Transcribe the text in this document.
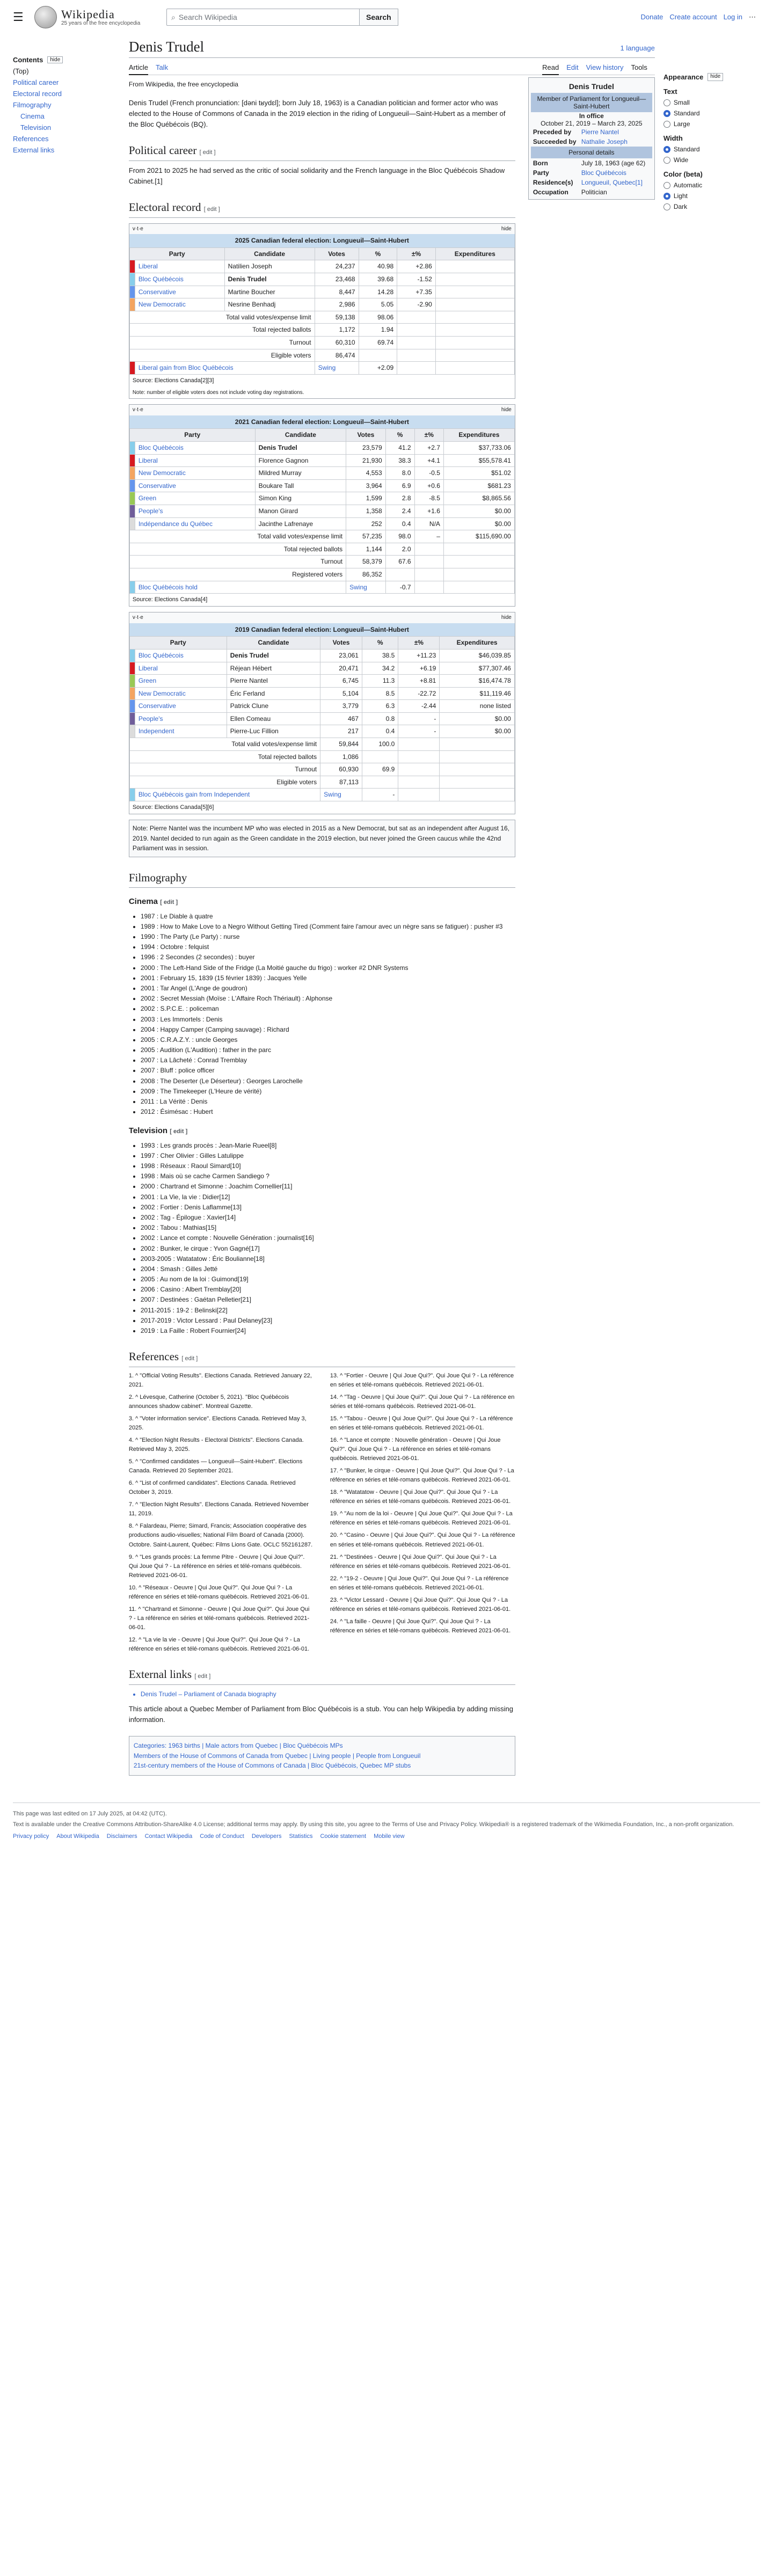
☰	Wikipedia
25 years of the free encyclopedia
⌕ Search Wikipedia	Search	Donate Create account Log in ⋯
Contents	hide
(Top)
Political career
Electoral record
Filmography
Cinema
Television
References
External links
Denis Trudel	1 language
Article Talk	Read Edit View history Tools
From Wikipedia, the free encyclopedia

Denis Trudel (French pronunciation: [dəni tʁydɛl]; born July 18, 1963) is a Canadian politician and former actor who was elected to the House of Commons of Canada in the 2019 election in the riding of Longueuil—Saint-Hubert as a member of the Bloc Québécois (BQ).

Political career [ edit ]

From 2021 to 2025 he had served as the critic of social solidarity and the French language in the Bloc Québécois Shadow Cabinet.[1]

Electoral record [ edit ]
v·t·e	hide
2025 Canadian federal election: Longueuil—Saint-Hubert
Party		Candidate	Votes	%	±%	Expenditures
	Liberal	Natilien Joseph	24,237	40.98	+2.86	
	Bloc Québécois	Denis Trudel	23,468	39.68	-1.52	
	Conservative	Martine Boucher	8,447	14.28	+7.35	
	New Democratic	Nesrine Benhadj	2,986	5.05	-2.90	
Total valid votes/expense limit			59,138	98.06		
Total rejected ballots			1,172	1.94		
Turnout			60,310	69.74		
Eligible voters			86,474			
	Liberal gain from Bloc Québécois		Swing	+2.09		
Source: Elections Canada[2][3]
Note: number of eligible voters does not include voting day registrations.
v·t·e	hide
2021 Canadian federal election: Longueuil—Saint-Hubert
Party		Candidate	Votes	%	±%	Expenditures
	Bloc Québécois	Denis Trudel	23,579	41.2	+2.7	$37,733.06
	Liberal	Florence Gagnon	21,930	38.3	+4.1	$55,578.41
	New Democratic	Mildred Murray	4,553	8.0	-0.5	$51.02
	Conservative	Boukare Tall	3,964	6.9	+0.6	$681.23
	Green	Simon King	1,599	2.8	-8.5	$8,865.56
	People's	Manon Girard	1,358	2.4	+1.6	$0.00
	Indépendance du Québec	Jacinthe Lafrenaye	252	0.4	N/A	$0.00
Total valid votes/expense limit			57,235	98.0	–	$115,690.00
Total rejected ballots			1,144	2.0		
Turnout			58,379	67.6		
Registered voters			86,352			
	Bloc Québécois hold		Swing	-0.7		
Source: Elections Canada[4]
v·t·e	hide
2019 Canadian federal election: Longueuil—Saint-Hubert
Party		Candidate	Votes	%	±%	Expenditures
	Bloc Québécois	Denis Trudel	23,061	38.5	+11.23	$46,039.85
	Liberal	Réjean Hébert	20,471	34.2	+6.19	$77,307.46
	Green	Pierre Nantel	6,745	11.3	+8.81	$16,474.78
	New Democratic	Éric Ferland	5,104	8.5	-22.72	$11,119.46
	Conservative	Patrick Clune	3,779	6.3	-2.44	none listed
	People's	Ellen Comeau	467	0.8	-	$0.00
	Independent	Pierre-Luc Fillion	217	0.4	-	$0.00
Total valid votes/expense limit			59,844	100.0		
Total rejected ballots			1,086			
Turnout			60,930	69.9		
Eligible voters			87,113			
	Bloc Québécois gain from Independent		Swing	-		
Source: Elections Canada[5][6]
Note: Pierre Nantel was the incumbent MP who was elected in 2015 as a New Democrat, but sat as an independent after August 16, 2019. Nantel decided to run again as the Green candidate in the 2019 election, but never joined the Green caucus while the 42nd Parliament was in session.
Filmography
Cinema [ edit ]
• 1987 : Le Diable à quatre
• 1989 : How to Make Love to a Negro Without Getting Tired (Comment faire l'amour avec un nègre sans se fatiguer) : pusher #3
• 1990 : The Party (Le Party) : nurse
• 1994 : Octobre : felquist
• 1996 : 2 Secondes (2 secondes) : buyer
• 2000 : The Left-Hand Side of the Fridge (La Moitié gauche du frigo) : worker #2 DNR Systems
• 2001 : February 15, 1839 (15 février 1839) : Jacques Yelle
• 2001 : Tar Angel (L'Ange de goudron)
• 2002 : Secret Messiah (Moïse : L'Affaire Roch Thériault) : Alphonse
• 2002 : S.P.C.E. : policeman
• 2003 : Les Immortels : Denis
• 2004 : Happy Camper (Camping sauvage) : Richard
• 2005 : C.R.A.Z.Y. : uncle Georges
• 2005 : Audition (L'Audition) : father in the parc
• 2007 : La Lâcheté : Conrad Tremblay
• 2007 : Bluff : police officer
• 2008 : The Deserter (Le Déserteur) : Georges Larochelle
• 2009 : The Timekeeper (L'Heure de vérité)
• 2011 : La Vérité : Denis
• 2012 : Ésimésac : Hubert
Television [ edit ]
• 1993 : Les grands procès : Jean-Marie Rueel[8]
• 1997 : Cher Olivier : Gilles Latulippe
• 1998 : Réseaux : Raoul Simard[10]
• 1998 : Mais où se cache Carmen Sandiego ?
• 2000 : Chartrand et Simonne : Joachim Cornellier[11]
• 2001 : La Vie, la vie : Didier[12]
• 2002 : Fortier : Denis Laflamme[13]
• 2002 : Tag - Épilogue : Xavier[14]
• 2002 : Tabou : Mathias[15]
• 2002 : Lance et compte : Nouvelle Génération : journalist[16]
• 2002 : Bunker, le cirque : Yvon Gagné[17]
• 2003-2005 : Watatatow : Éric Boulianne[18]
• 2004 : Smash : Gilles Jetté
• 2005 : Au nom de la loi : Guimond[19]
• 2006 : Casino : Albert Tremblay[20]
• 2007 : Destinées : Gaétan Pelletier[21]
• 2011-2015 : 19-2 : Belinski[22]
• 2017-2019 : Victor Lessard : Paul Delaney[23]
• 2019 : La Faille : Robert Fournier[24]
References [ edit ]
1. ^ "Official Voting Results". Elections Canada. Retrieved January 22, 2021.
2. ^ Lévesque, Catherine (October 5, 2021). "Bloc Québécois announces shadow cabinet". Montreal Gazette.
3. ^ "Voter information service". Elections Canada. Retrieved May 3, 2025.
4. ^ "Election Night Results - Electoral Districts". Elections Canada. Retrieved May 3, 2025.
5. ^ "Confirmed candidates — Longueuil—Saint-Hubert". Elections Canada. Retrieved 20 September 2021.
6. ^ "List of confirmed candidates". Elections Canada. Retrieved October 3, 2019.
7. ^ "Election Night Results". Elections Canada. Retrieved November 11, 2019.
8. ^ Falardeau, Pierre; Simard, Francis; Association coopérative des productions audio-visuelles; National Film Board of Canada (2000). Octobre. Saint-Laurent, Québec: Films Lions Gate. OCLC 552161287.
9. ^ "Les grands procès: La femme Pitre - Oeuvre | Qui Joue Qui?". Qui Joue Qui ? - La référence en séries et télé-romans québécois. Retrieved 2021-06-01.
10. ^ "Réseaux - Oeuvre | Qui Joue Qui?". Qui Joue Qui ? - La référence en séries et télé-romans québécois. Retrieved 2021-06-01.
11. ^ "Chartrand et Simonne - Oeuvre | Qui Joue Qui?". Qui Joue Qui ? - La référence en séries et télé-romans québécois. Retrieved 2021-06-01.
12. ^ "La vie la vie - Oeuvre | Qui Joue Qui?". Qui Joue Qui ? - La référence en séries et télé-romans québécois. Retrieved 2021-06-01.
13. ^ "Fortier - Oeuvre | Qui Joue Qui?". Qui Joue Qui ? - La référence en séries et télé-romans québécois. Retrieved 2021-06-01.
14. ^ "Tag - Oeuvre | Qui Joue Qui?". Qui Joue Qui ? - La référence en séries et télé-romans québécois. Retrieved 2021-06-01.
15. ^ "Tabou - Oeuvre | Qui Joue Qui?". Qui Joue Qui ? - La référence en séries et télé-romans québécois. Retrieved 2021-06-01.
16. ^ "Lance et compte : Nouvelle génération - Oeuvre | Qui Joue Qui?". Qui Joue Qui ? - La référence en séries et télé-romans québécois. Retrieved 2021-06-01.
17. ^ "Bunker, le cirque - Oeuvre | Qui Joue Qui?". Qui Joue Qui ? - La référence en séries et télé-romans québécois. Retrieved 2021-06-01.
18. ^ "Watatatow - Oeuvre | Qui Joue Qui?". Qui Joue Qui ? - La référence en séries et télé-romans québécois. Retrieved 2021-06-01.
19. ^ "Au nom de la loi - Oeuvre | Qui Joue Qui?". Qui Joue Qui ? - La référence en séries et télé-romans québécois. Retrieved 2021-06-01.
20. ^ "Casino - Oeuvre | Qui Joue Qui?". Qui Joue Qui ? - La référence en séries et télé-romans québécois. Retrieved 2021-06-01.
21. ^ "Destinées - Oeuvre | Qui Joue Qui?". Qui Joue Qui ? - La référence en séries et télé-romans québécois. Retrieved 2021-06-01.
22. ^ "19-2 - Oeuvre | Qui Joue Qui?". Qui Joue Qui ? - La référence en séries et télé-romans québécois. Retrieved 2021-06-01.
23. ^ "Victor Lessard - Oeuvre | Qui Joue Qui?". Qui Joue Qui ? - La référence en séries et télé-romans québécois. Retrieved 2021-06-01.
24. ^ "La faille - Oeuvre | Qui Joue Qui?". Qui Joue Qui ? - La référence en séries et télé-romans québécois. Retrieved 2021-06-01.
External links [ edit ]
• Denis Trudel – Parliament of Canada biography

This article about a Quebec Member of Parliament from Bloc Québécois is a stub. You can help Wikipedia by adding missing information.

Categories: 1963 births | Male actors from Quebec | Bloc Québécois MPs
Members of the House of Commons of Canada from Quebec | Living people | People from Longueuil
21st-century members of the House of Commons of Canada | Bloc Québécois, Quebec MP stubs
Denis Trudel
Member of Parliament for Longueuil—Saint-Hubert
In office
October 21, 2019 – March 23, 2025
Preceded by	Pierre Nantel
Succeeded by Nathalie Joseph
Personal details
Born	July 18, 1963 (age 62)
Party	Bloc Québécois
Residence(s)	Longueuil, Quebec[1]
Occupation	Politician
Appearance	hide
Text
Small
Standard
Large
Width
Standard
Wide
Color (beta)
Automatic
Light
Dark
This page was last edited on 17 July 2025, at 04:42 (UTC).
Text is available under the Creative Commons Attribution-ShareAlike 4.0 License; additional terms may apply. By using this site, you agree to the Terms of Use and Privacy Policy. Wikipedia® is a registered trademark of the Wikimedia Foundation, Inc., a non-profit organization.
Privacy policy About Wikipedia Disclaimers Contact Wikipedia Code of Conduct Developers Statistics Cookie statement Mobile view
